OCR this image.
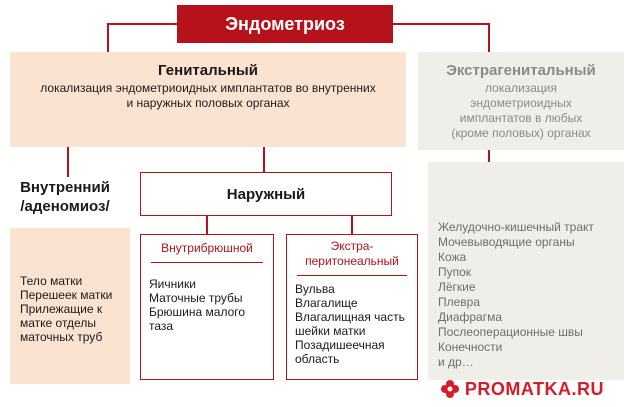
Эндометриоз
Генитальный
локализация эндометриоидных имплантатов во внутренних и наружных половых органах
Экстрагенитальный
локализация
эндометриоидных
имплантатов в любых
(кроме половых) органах
Внутренний
/аденомиоз/
Тело матки
Перешеек матки
Прилежащие к
матке отделы
маточных труб
Наружный
Внутрибрюшной
Яичники
Маточные трубы
Брюшина малого
таза
Экстра-
перитонеальный
Вульва
Влагалище
Влагалищная часть
шейки матки
Позадишеечная
область
Желудочно-кишечный тракт
Мочевыводящие органы
Кожа
Пупок
Лёгкие
Плевра
Диафрагма
Послеоперационные швы
Конечности
и др…
PROMATKA.RU
